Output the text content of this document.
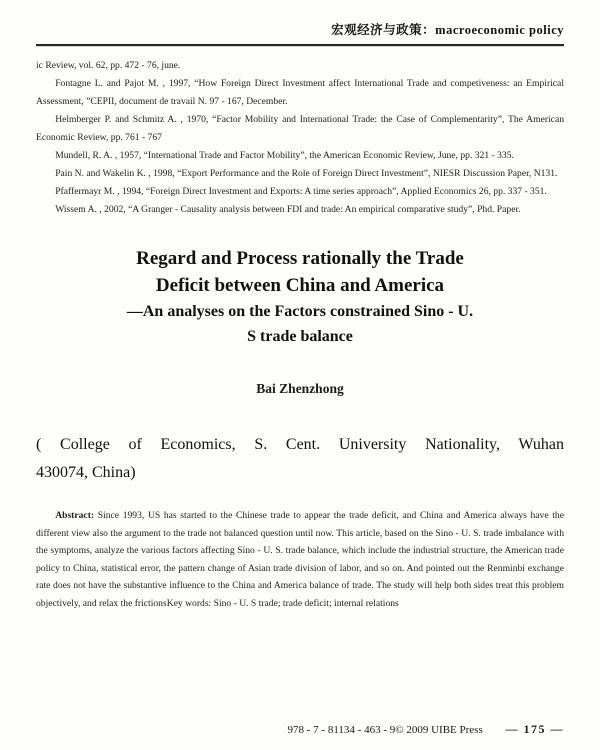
宏观经济与政策：macroeconomic policy

ic Review, vol. 62, pp. 472 - 76, june.

Fontagne L. and Pajot M. , 1997, “How Foreign Direct Investment affect International Trade and competiveness: an Empirical Assessment, ”CEPII, document de travail N. 97 - 167, December.

Helmberger P. and Schmitz A. , 1970, “Factor Mobility and International Trade: the Case of Complementarity”, The American Economic Review, pp. 761 - 767

Mundell, R. A. , 1957, “International Trade and Factor Mobility”, the American Economic Review, June, pp. 321 - 335.

Pain N. and Wakelin K. , 1998, “Export Performance and the Role of Foreign Direct Investment”, NIESR Discussion Paper, N131.

Pfaffermayr M. , 1994, “Foreign Direct Investment and Exports: A time series approach”, Applied Economics 26, pp. 337 - 351.

Wissem A. , 2002, “A Granger - Causality analysis between FDI and trade: An empirical comparative study”, Phd. Paper.

Regard and Process rationally the Trade
Deficit between China and America
—An analyses on the Factors constrained Sino - U.
S trade balance
Bai Zhenzhong
( College of Economics, S. Cent. University Nationality, Wuhan
430074, China)

Abstract: Since 1993, US has started to the Chinese trade to appear the trade deficit, and China and America always have the different view also the argument to the trade not balanced question until now. This article, based on the Sino - U. S. trade imbalance with the symptoms, analyze the various factors affecting Sino - U. S. trade balance, which include the industrial structure, the American trade policy to China, statistical error, the pattern change of Asian trade division of labor, and so on. And pointed out the Renminbi exchange rate does not have the substantive influence to the China and America balance of trade. The study will help both sides treat this problem objectively, and relax the frictionsKey words: Sino - U. S trade; trade deficit; internal relations

978 - 7 - 81134 - 463 - 9© 2009 UIBE Press — 175 —
